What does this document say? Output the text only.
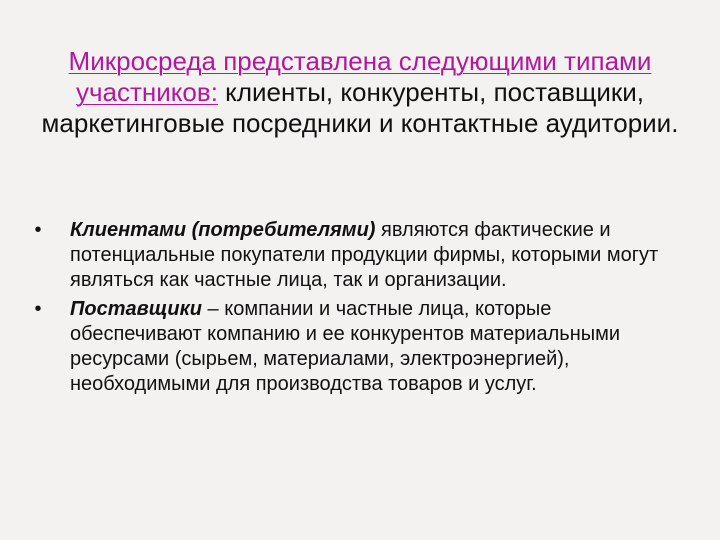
Микросреда представлена следующими типами участников: клиенты, конкуренты, поставщики, маркетинговые посредники и контактные аудитории.
•	Клиентами (потребителями) являются фактические и потенциальные покупатели продукции фирмы, которыми могут являться как частные лица, так и организации.
•	Поставщики – компании и частные лица, которые обеспечивают компанию и ее конкурентов материальными ресурсами (сырьем, материалами, электроэнергией), необходимыми для производства товаров и услуг.
